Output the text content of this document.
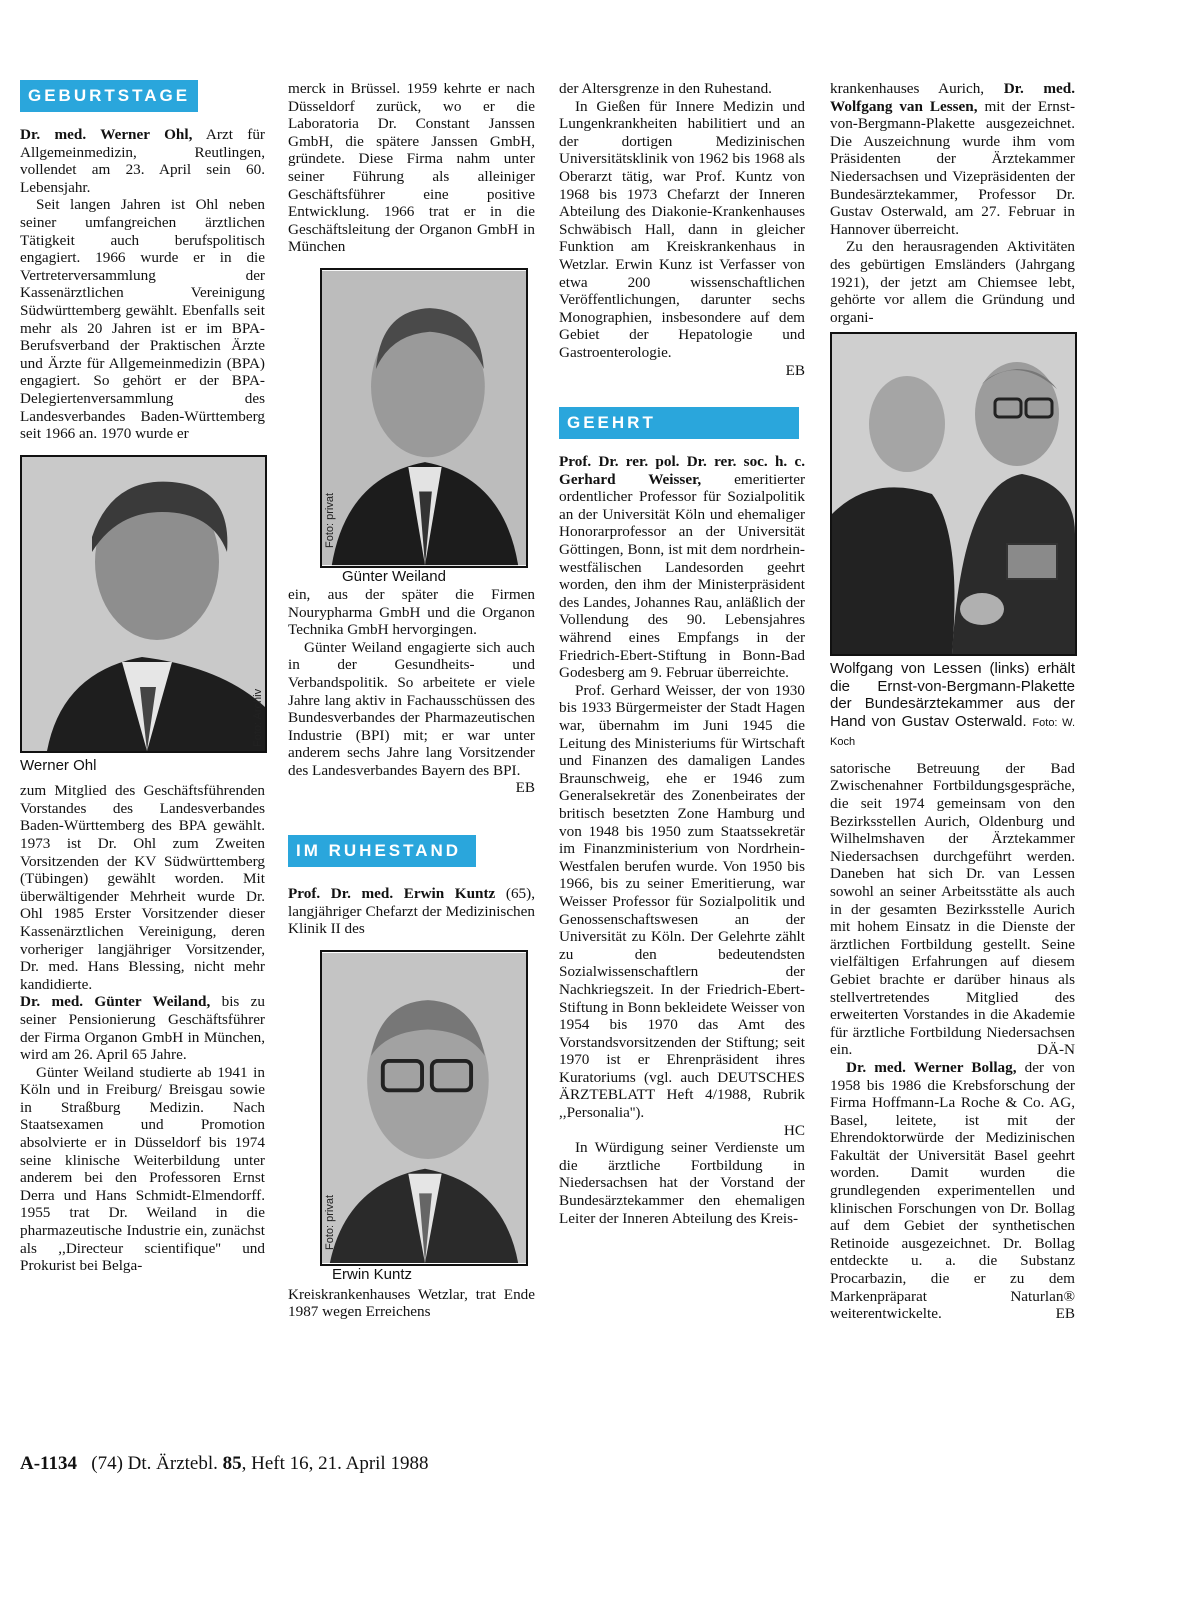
GEBURTSTAGE

Dr. med. Werner Ohl, Arzt für Allgemeinmedizin, Reutlingen, vollendet am 23. April sein 60. Lebensjahr.

Seit langen Jahren ist Ohl neben seiner umfangreichen ärztlichen Tätigkeit auch berufspolitisch engagiert. 1966 wurde er in die Vertreterversammlung der Kassenärztlichen Vereinigung Südwürttemberg gewählt. Ebenfalls seit mehr als 20 Jahren ist er im BPA-Berufsverband der Praktischen Ärzte und Ärzte für Allgemeinmedizin (BPA) engagiert. So gehört er der BPA-Delegiertenversammlung des Landesverbandes Baden-Württemberg seit 1966 an. 1970 wurde er

Foto: Archiv
Werner Ohl

zum Mitglied des Geschäftsführenden Vorstandes des Landesverbandes Baden-Württemberg des BPA gewählt. 1973 ist Dr. Ohl zum Zweiten Vorsitzenden der KV Südwürttemberg (Tübingen) gewählt worden. Mit überwältigender Mehrheit wurde Dr. Ohl 1985 Erster Vorsitzender dieser Kassenärztlichen Vereinigung, deren vorheriger langjähriger Vorsitzender, Dr. med. Hans Blessing, nicht mehr kandidierte.

Dr. med. Günter Weiland, bis zu seiner Pensionierung Geschäftsführer der Firma Organon GmbH in München, wird am 26. April 65 Jahre.

Günter Weiland studierte ab 1941 in Köln und in Freiburg/ Breisgau sowie in Straßburg Medizin. Nach Staatsexamen und Promotion absolvierte er in Düsseldorf bis 1974 seine klinische Weiterbildung unter anderem bei den Professoren Ernst Derra und Hans Schmidt-Elmendorff. 1955 trat Dr. Weiland in die pharmazeutische Industrie ein, zunächst als ,,Directeur scientifique'' und Prokurist bei Belga-

merck in Brüssel. 1959 kehrte er nach Düsseldorf zurück, wo er die Laboratoria Dr. Constant Janssen GmbH, die spätere Janssen GmbH, gründete. Diese Firma nahm unter seiner Führung als alleiniger Geschäftsführer eine positive Entwicklung. 1966 trat er in die Geschäftsleitung der Organon GmbH in München

Foto: privat
Günter Weiland

ein, aus der später die Firmen Nourypharma GmbH und die Organon Technika GmbH hervorgingen.

Günter Weiland engagierte sich auch in der Gesundheits- und Verbandspolitik. So arbeitete er viele Jahre lang aktiv in Fachausschüssen des Bundesverbandes der Pharmazeutischen Industrie (BPI) mit; er war unter anderem sechs Jahre lang Vorsitzender des Landesverbandes Bayern des BPI.
EB

IM RUHESTAND

Prof. Dr. med. Erwin Kuntz (65), langjähriger Chefarzt der Medizinischen Klinik II des

Foto: privat
Erwin Kuntz

Kreiskrankenhauses Wetzlar, trat Ende 1987 wegen Erreichens

der Altersgrenze in den Ruhestand.

In Gießen für Innere Medizin und Lungenkrankheiten habilitiert und an der dortigen Medizinischen Universitätsklinik von 1962 bis 1968 als Oberarzt tätig, war Prof. Kuntz von 1968 bis 1973 Chefarzt der Inneren Abteilung des Diakonie-Krankenhauses Schwäbisch Hall, dann in gleicher Funktion am Kreiskrankenhaus in Wetzlar. Erwin Kunz ist Verfasser von etwa 200 wissenschaftlichen Veröffentlichungen, darunter sechs Monographien, insbesondere auf dem Gebiet der Hepatologie und Gastroenterologie.
EB

GEEHRT

Prof. Dr. rer. pol. Dr. rer. soc. h. c. Gerhard Weisser, emeritierter ordentlicher Professor für Sozialpolitik an der Universität Köln und ehemaliger Honorarprofessor an der Universität Göttingen, Bonn, ist mit dem nordrhein-westfälischen Landesorden geehrt worden, den ihm der Ministerpräsident des Landes, Johannes Rau, anläßlich der Vollendung des 90. Lebensjahres während eines Empfangs in der Friedrich-Ebert-Stiftung in Bonn-Bad Godesberg am 9. Februar überreichte.

Prof. Gerhard Weisser, der von 1930 bis 1933 Bürgermeister der Stadt Hagen war, übernahm im Juni 1945 die Leitung des Ministeriums für Wirtschaft und Finanzen des damaligen Landes Braunschweig, ehe er 1946 zum Generalsekretär des Zonenbeirates der britisch besetzten Zone Hamburg und von 1948 bis 1950 zum Staatssekretär im Finanzministerium von Nordrhein-Westfalen berufen wurde. Von 1950 bis 1966, bis zu seiner Emeritierung, war Weisser Professor für Sozialpolitik und Genossenschaftswesen an der Universität zu Köln. Der Gelehrte zählt zu den bedeutendsten Sozialwissenschaftlern der Nachkriegszeit. In der Friedrich-Ebert-Stiftung in Bonn bekleidete Weisser von 1954 bis 1970 das Amt des Vorstandsvorsitzenden der Stiftung; seit 1970 ist er Ehrenpräsident ihres Kuratoriums (vgl. auch DEUTSCHES ÄRZTEBLATT Heft 4/1988, Rubrik ,,Personalia'').
HC

In Würdigung seiner Verdienste um die ärztliche Fortbildung in Niedersachsen hat der Vorstand der Bundesärztekammer den ehemaligen Leiter der Inneren Abteilung des Kreis-

krankenhauses Aurich, Dr. med. Wolfgang van Lessen, mit der Ernst-von-Bergmann-Plakette ausgezeichnet. Die Auszeichnung wurde ihm vom Präsidenten der Ärztekammer Niedersachsen und Vizepräsidenten der Bundesärztekammer, Professor Dr. Gustav Osterwald, am 27. Februar in Hannover überreicht.

Zu den herausragenden Aktivitäten des gebürtigen Emsländers (Jahrgang 1921), der jetzt am Chiemsee lebt, gehörte vor allem die Gründung und organi-

Wolfgang von Lessen (links) erhält die Ernst-von-Bergmann-Plakette der Bundesärztekammer aus der Hand von Gustav Osterwald. Foto: W. Koch

satorische Betreuung der Bad Zwischenahner Fortbildungsgespräche, die seit 1974 gemeinsam von den Bezirksstellen Aurich, Oldenburg und Wilhelmshaven der Ärztekammer Niedersachsen durchgeführt werden. Daneben hat sich Dr. van Lessen sowohl an seiner Arbeitsstätte als auch in der gesamten Bezirksstelle Aurich mit hohem Einsatz in die Dienste der ärztlichen Fortbildung gestellt. Seine vielfältigen Erfahrungen auf diesem Gebiet brachte er darüber hinaus als stellvertretendes Mitglied des erweiterten Vorstandes in die Akademie für ärztliche Fortbildung Niedersachsen ein.	DÄ-N

Dr. med. Werner Bollag, der von 1958 bis 1986 die Krebsforschung der Firma Hoffmann-La Roche & Co. AG, Basel, leitete, ist mit der Ehrendoktorwürde der Medizinischen Fakultät der Universität Basel geehrt worden. Damit wurden die grundlegenden experimentellen und klinischen Forschungen von Dr. Bollag auf dem Gebiet der synthetischen Retinoide ausgezeichnet. Dr. Bollag entdeckte u. a. die Substanz Procarbazin, die er zu dem Markenpräparat Naturlan® weiterentwickelte.	EB

A-1134 (74) Dt. Ärztebl. 85, Heft 16, 21. April 1988
